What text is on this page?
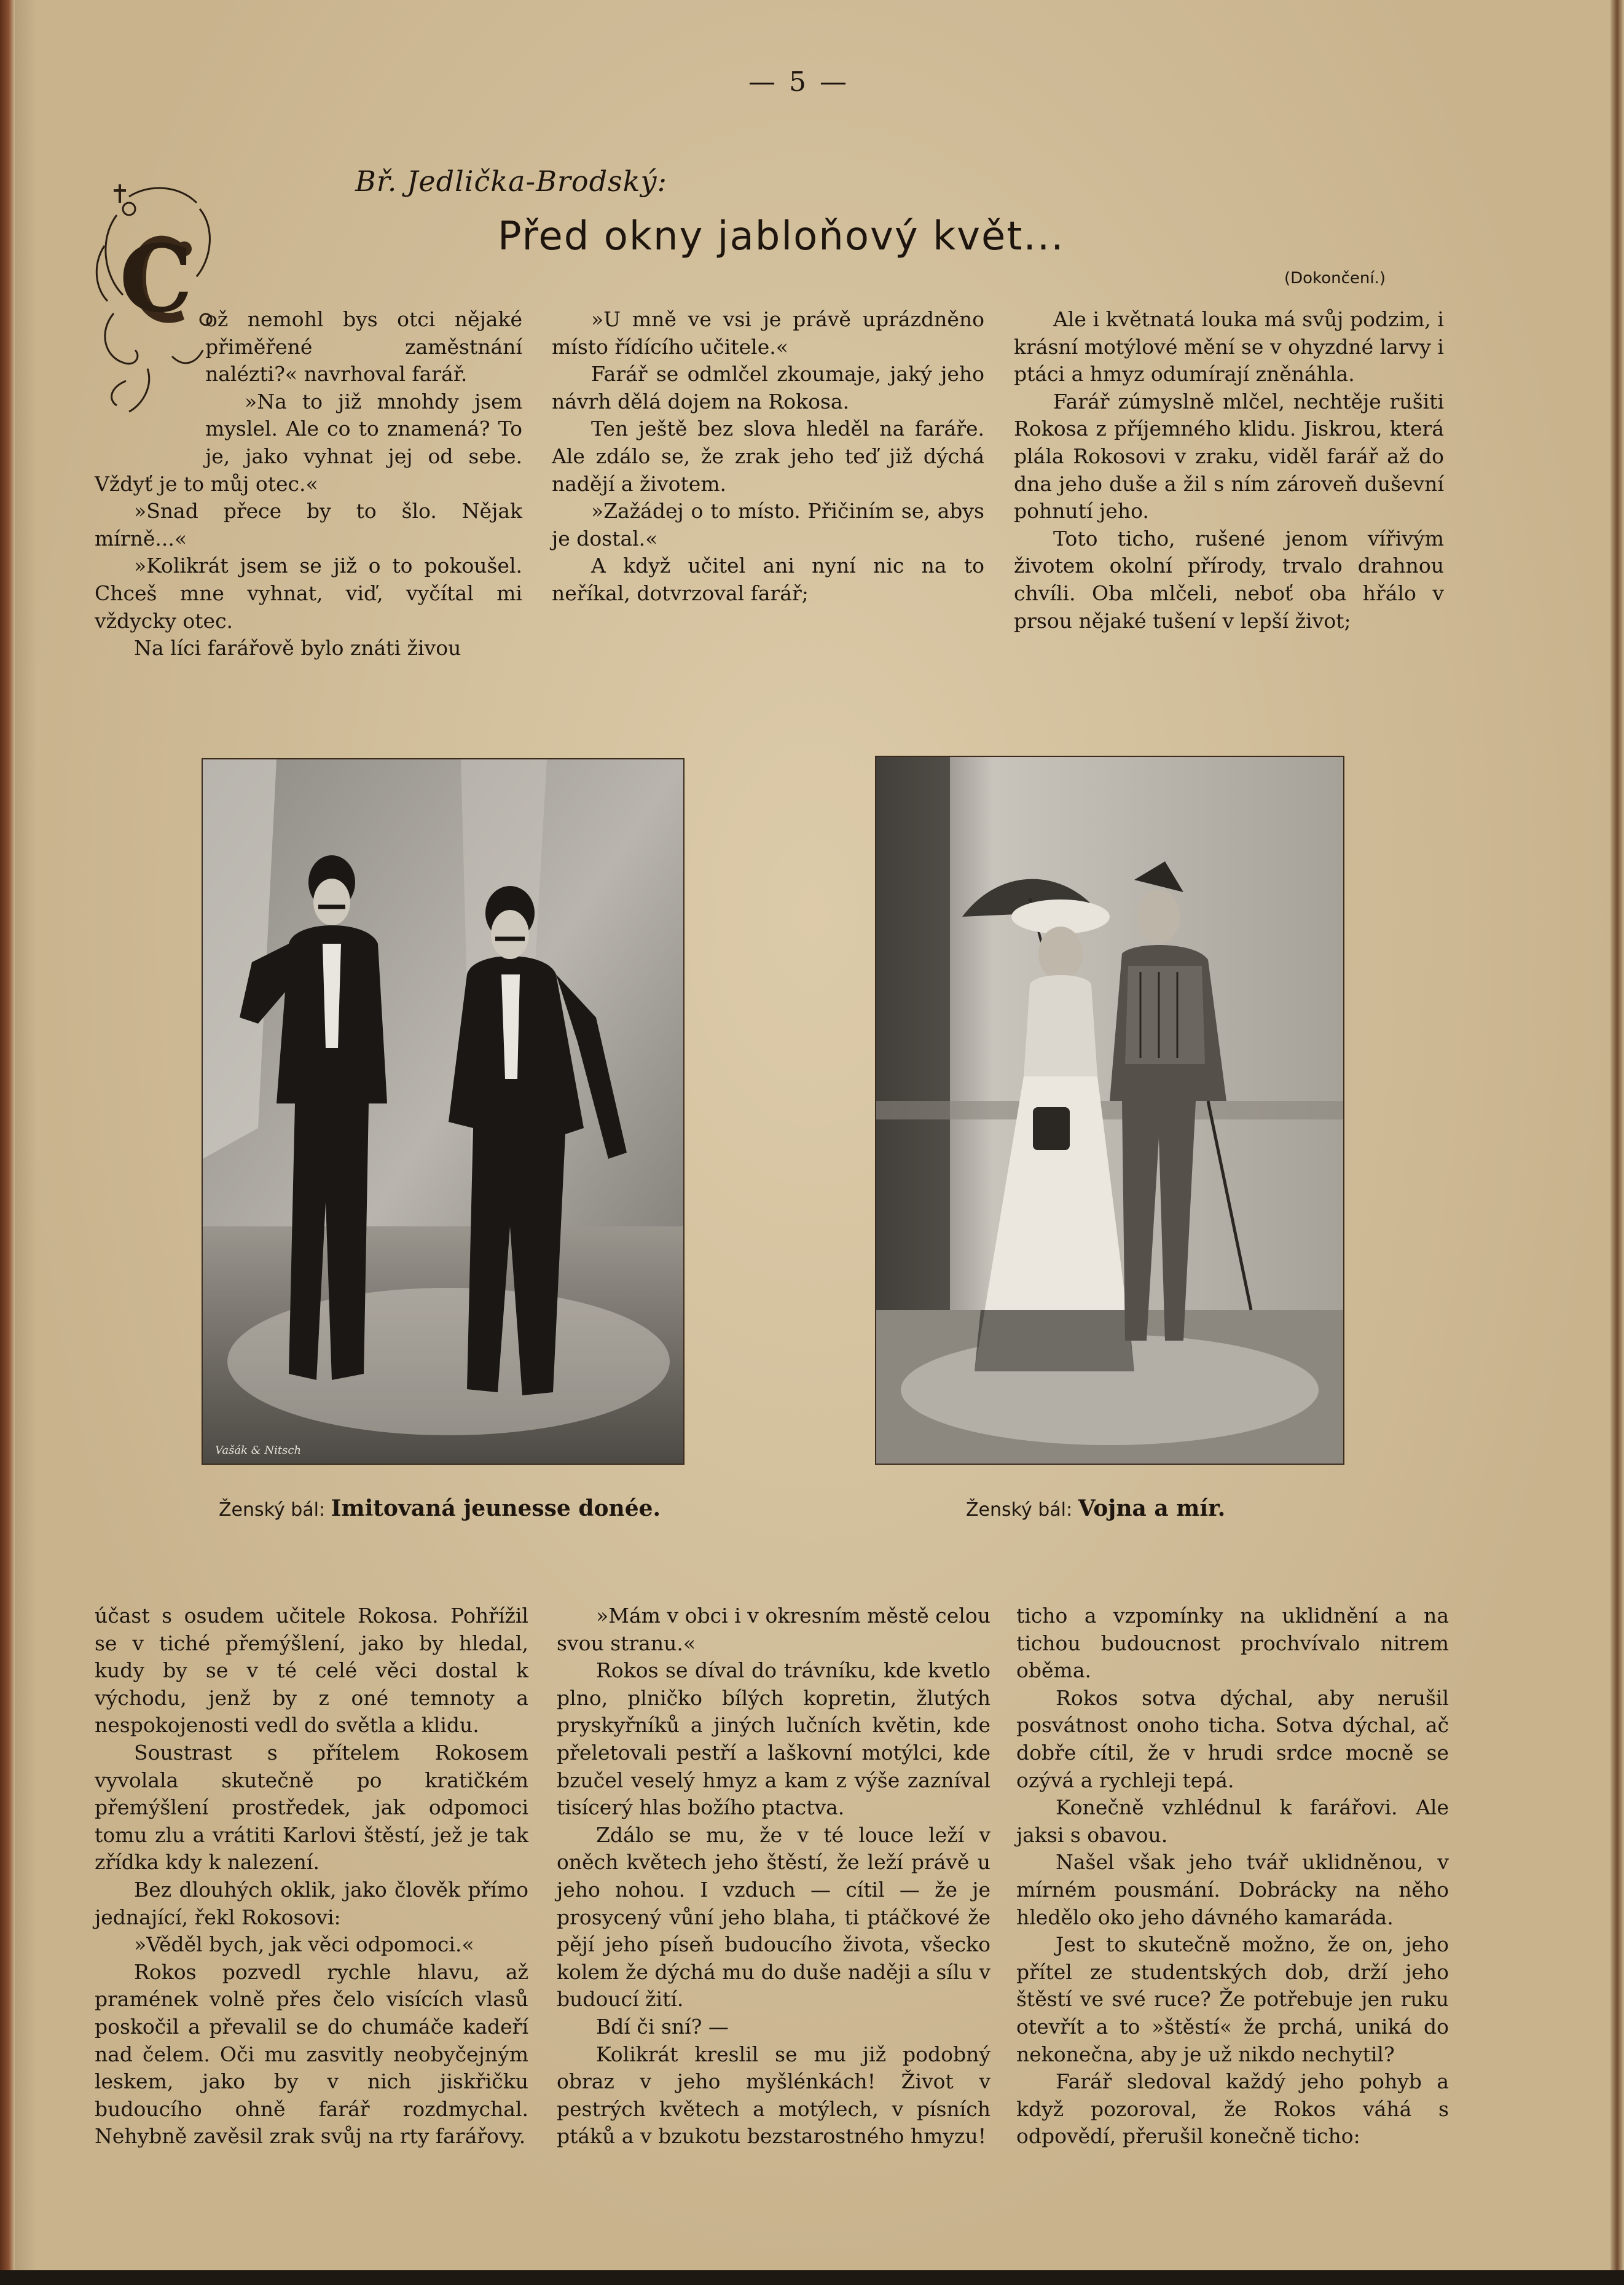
— 5 —
Bř. Jedlička-Brodský:
Před okny jabloňový květ...
(Dokončení.)
C ož nemohl bys otci nějaké přiměřené zaměstnání nalézti?« navrhoval farář.

»Na to již mnohdy jsem myslel. Ale co to znamená? To je, jako vyhnat jej od sebe. Vždyť je to můj otec.«

»Snad přece by to šlo. Nějak mírně...«

»Kolikrát jsem se již o to pokoušel. Chceš mne vyhnat, viď, vyčítal mi vždycky otec.

Na líci farářově bylo znáti živou

»U mně ve vsi je právě uprázdněno místo řídícího učitele.«

Farář se odmlčel zkoumaje, jaký jeho návrh dělá dojem na Rokosa.

Ten ještě bez slova hleděl na faráře. Ale zdálo se, že zrak jeho teď již dýchá nadějí a životem.

»Zažádej o to místo. Přičiním se, abys je dostal.«

A když učitel ani nyní nic na to neříkal, dotvrzoval farář;

Ale i květnatá louka má svůj podzim, i krásní motýlové mění se v ohyzdné larvy i ptáci a hmyz odumírají zněnáhla.

Farář zúmyslně mlčel, nechtěje rušiti Rokosa z příjemného klidu. Jiskrou, která plála Rokosovi v zraku, viděl farář až do dna jeho duše a žil s ním zároveň duševní pohnutí jeho.

Toto ticho, rušené jenom vířivým životem okolní přírody, trvalo drahnou chvíli. Oba mlčeli, neboť oba hřálo v prsou nějaké tušení v lepší život;

Vašák & Nitsch
Ženský bál: Imitovaná jeunesse donée.	Ženský bál: Vojna a mír.

účast s osudem učitele Rokosa. Pohřížil se v tiché přemýšlení, jako by hledal, kudy by se v té celé věci dostal k východu, jenž by z oné temnoty a nespokojenosti vedl do světla a klidu.

Soustrast s přítelem Rokosem vyvolala skutečně po kratičkém přemýšlení prostředek, jak odpomoci tomu zlu a vrátiti Karlovi štěstí, jež je tak zřídka kdy k nalezení.

Bez dlouhých oklik, jako člověk přímo jednající, řekl Rokosovi:

»Věděl bych, jak věci odpomoci.«

Rokos pozvedl rychle hlavu, až pramének volně přes čelo visících vlasů poskočil a převalil se do chumáče kadeří nad čelem. Oči mu zasvitly neobyčejným leskem, jako by v nich jiskřičku budoucího ohně farář rozdmychal. Nehybně zavěsil zrak svůj na rty farářovy.

»Mám v obci i v okresním městě celou svou stranu.«

Rokos se díval do trávníku, kde kvetlo plno, plničko bílých kopretin, žlutých pryskyřníků a jiných lučních květin, kde přeletovali pestří a laškovní motýlci, kde bzučel veselý hmyz a kam z výše zazníval tisícerý hlas božího ptactva.

Zdálo se mu, že v té louce leží v oněch květech jeho štěstí, že leží právě u jeho nohou. I vzduch — cítil — že je prosycený vůní jeho blaha, ti ptáčkové že pějí jeho píseň budoucího života, všecko kolem že dýchá mu do duše naději a sílu v budoucí žití.

Bdí či sní? —

Kolikrát kreslil se mu již podobný obraz v jeho myšlénkách! Život v pestrých květech a motýlech, v písních ptáků a v bzukotu bezstarostného hmyzu!

ticho a vzpomínky na uklidnění a na tichou budoucnost prochvívalo nitrem oběma.

Rokos sotva dýchal, aby nerušil posvátnost onoho ticha. Sotva dýchal, ač dobře cítil, že v hrudi srdce mocně se ozývá a rychleji tepá.

Konečně vzhlédnul k farářovi. Ale jaksi s obavou.

Našel však jeho tvář uklidněnou, v mírném pousmání. Dobrácky na něho hledělo oko jeho dávného kamaráda.

Jest to skutečně možno, že on, jeho přítel ze studentských dob, drží jeho štěstí ve své ruce? Že potřebuje jen ruku otevřít a to »štěstí« že prchá, uniká do nekonečna, aby je už nikdo nechytil?

Farář sledoval každý jeho pohyb a když pozoroval, že Rokos váhá s odpovědí, přerušil konečně ticho:
